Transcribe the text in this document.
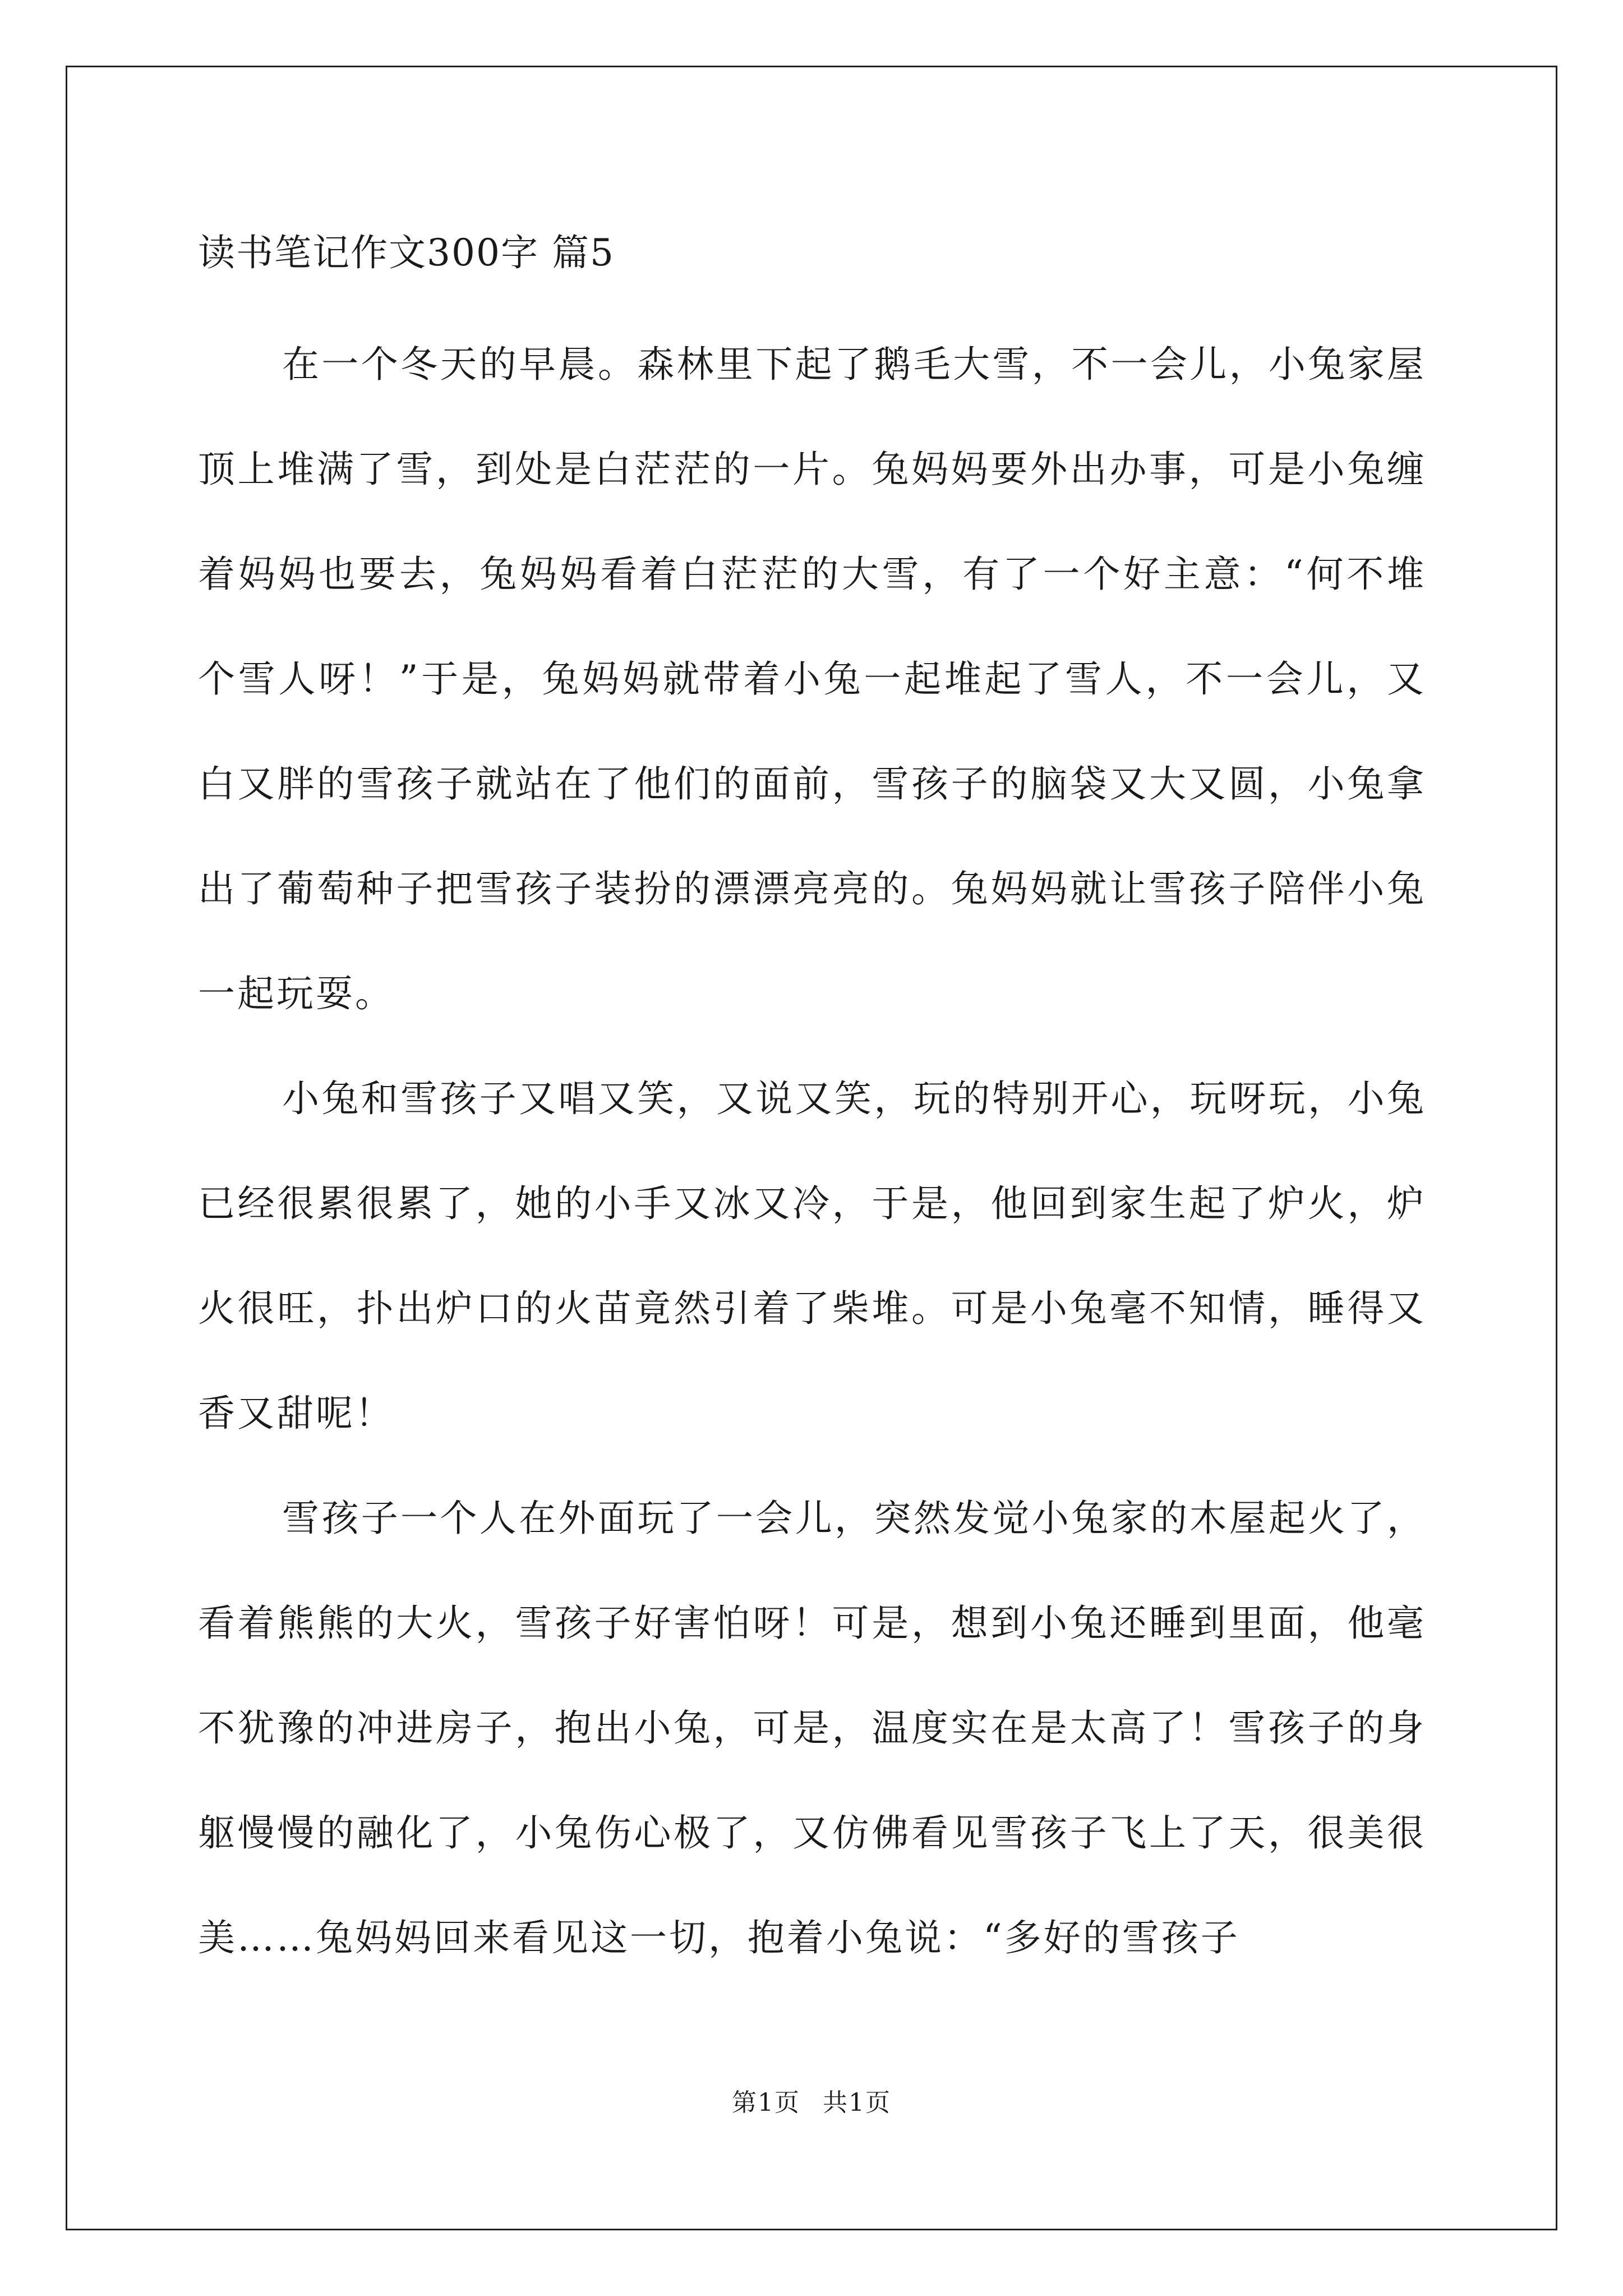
读书笔记作文300字 篇5

在一个冬天的早晨。森林里下起了鹅毛大雪，不一会儿，小兔家屋顶上堆满了雪，到处是白茫茫的一片。兔妈妈要外出办事，可是小兔缠着妈妈也要去，兔妈妈看着白茫茫的大雪，有了一个好主意：“何不堆个雪人呀！”于是，兔妈妈就带着小兔一起堆起了雪人，不一会儿，又白又胖的雪孩子就站在了他们的面前，雪孩子的脑袋又大又圆，小兔拿出了葡萄种子把雪孩子装扮的漂漂亮亮的。兔妈妈就让雪孩子陪伴小兔一起玩耍。

小兔和雪孩子又唱又笑，又说又笑，玩的特别开心，玩呀玩，小兔已经很累很累了，她的小手又冰又冷，于是，他回到家生起了炉火，炉火很旺，扑出炉口的火苗竟然引着了柴堆。可是小兔毫不知情，睡得又香又甜呢！

雪孩子一个人在外面玩了一会儿，突然发觉小兔家的木屋起火了，看着熊熊的大火，雪孩子好害怕呀！可是，想到小兔还睡到里面，他毫不犹豫的冲进房子，抱出小兔，可是，温度实在是太高了！雪孩子的身躯慢慢的融化了，小兔伤心极了，又仿佛看见雪孩子飞上了天，很美很美……兔妈妈回来看见这一切，抱着小兔说：“多好的雪孩子

第1页 共1页
